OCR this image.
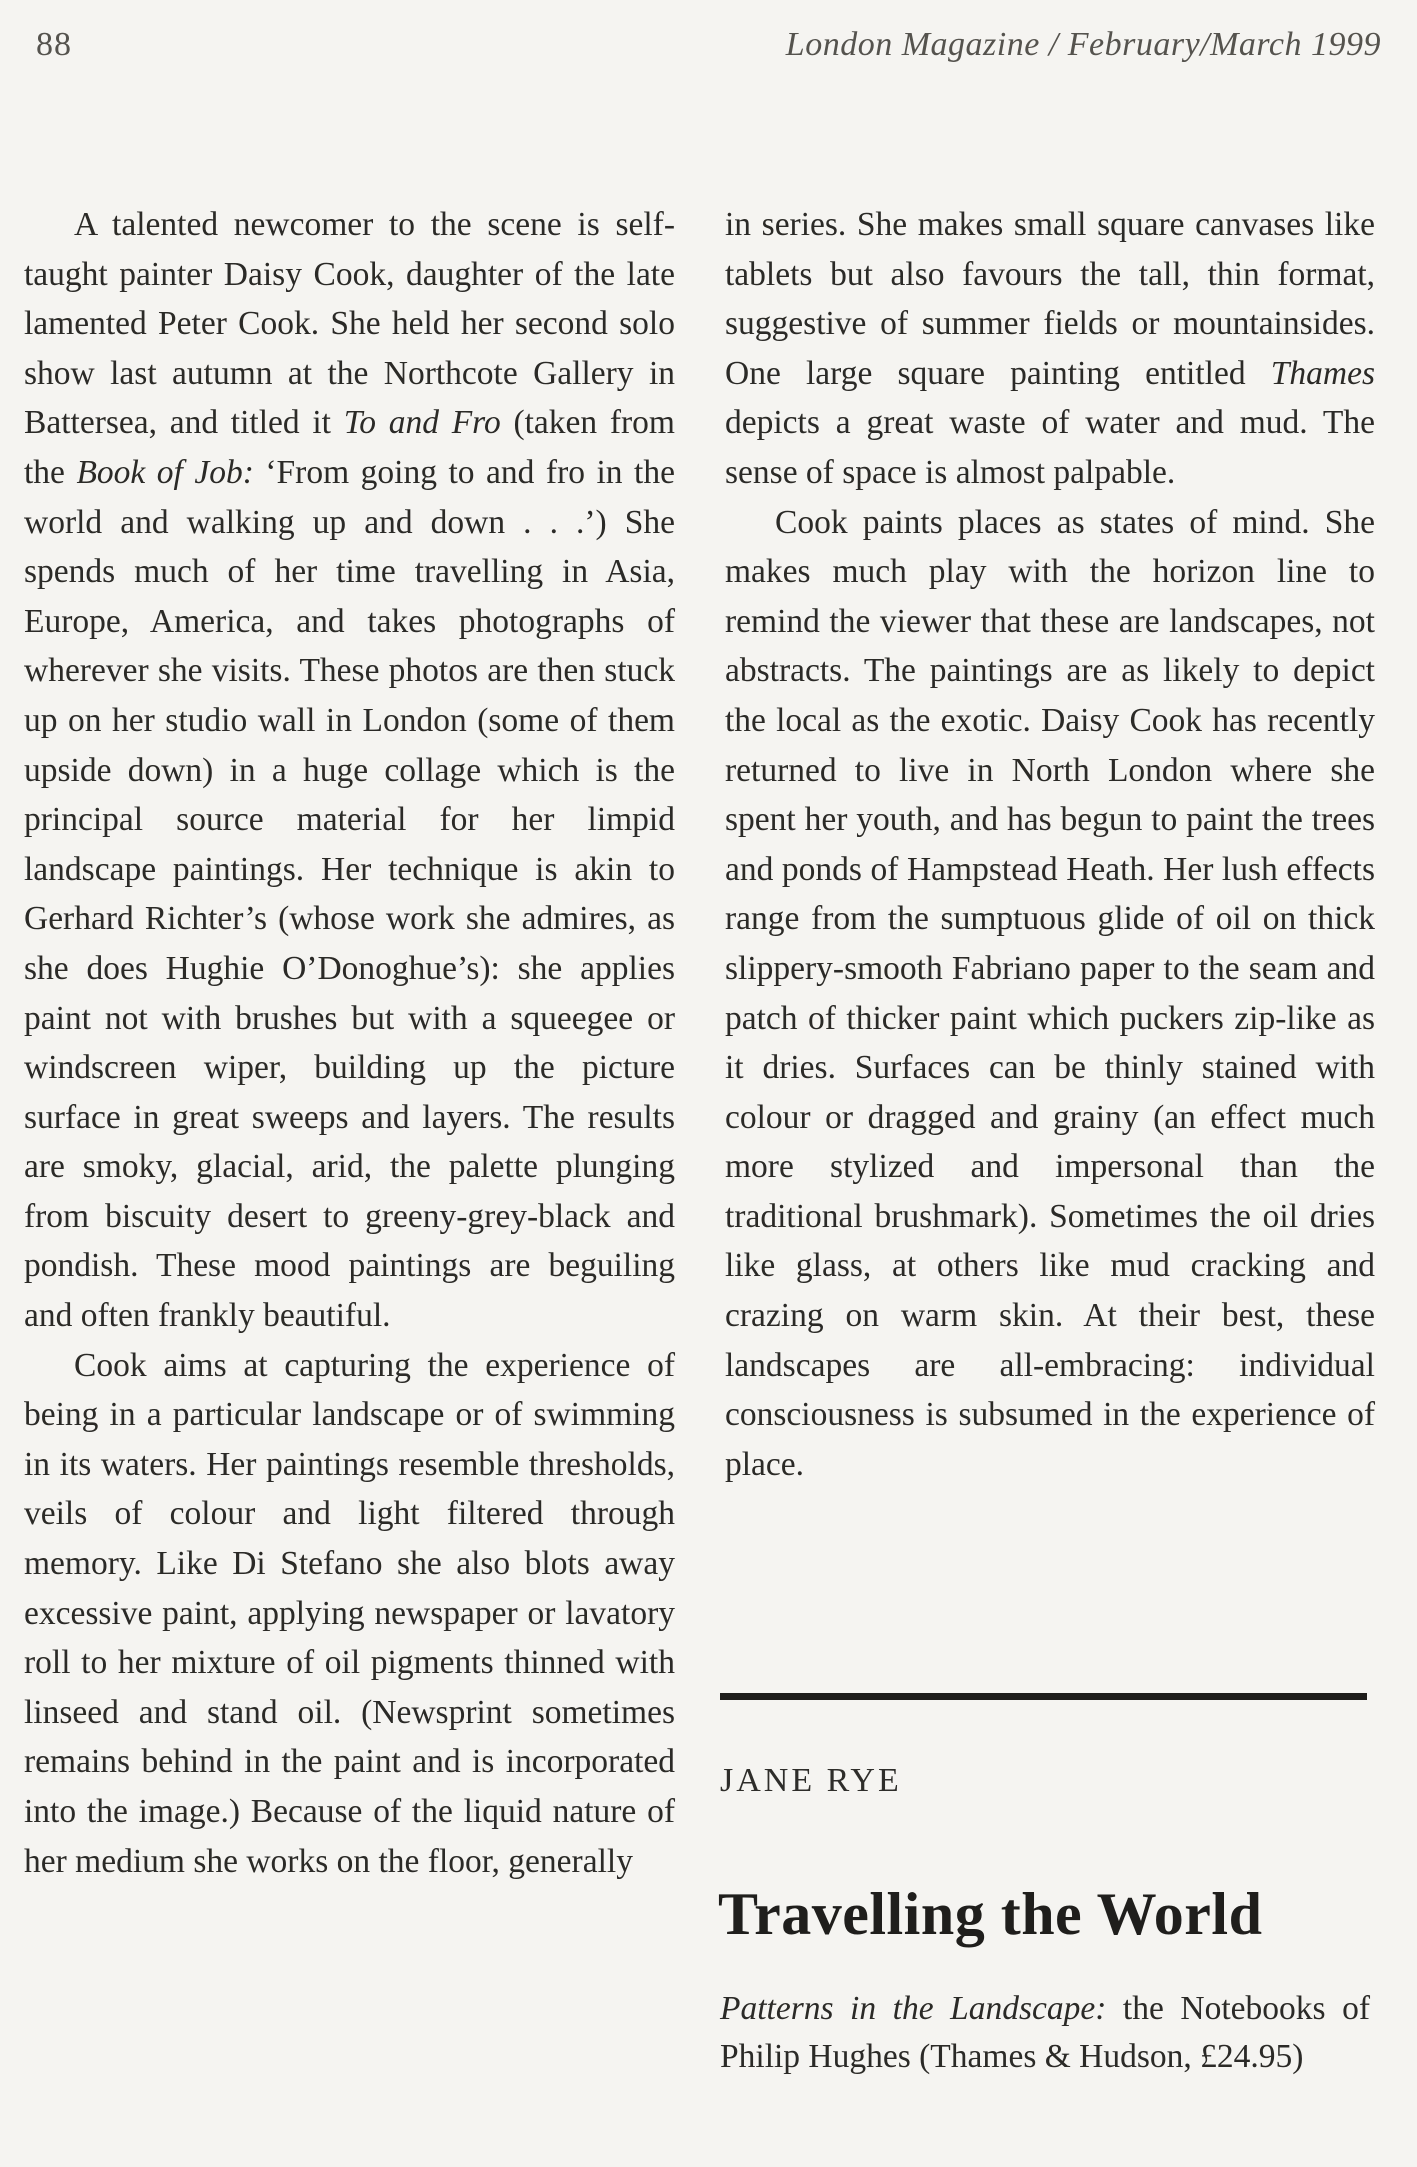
88	London Magazine / February/March 1999

A talented newcomer to the scene is self-taught painter Daisy Cook, daughter of the late lamented Peter Cook. She held her second solo show last autumn at the Northcote Gallery in Battersea, and titled it To and Fro (taken from the Book of Job: ‘From going to and fro in the world and walking up and down . . .’) She spends much of her time travelling in Asia, Europe, America, and takes photographs of wherever she visits. These photos are then stuck up on her studio wall in London (some of them upside down) in a huge collage which is the principal source material for her limpid landscape paintings. Her technique is akin to Gerhard Richter’s (whose work she admires, as she does Hughie O’Donoghue’s): she applies paint not with brushes but with a squeegee or windscreen wiper, building up the picture surface in great sweeps and layers. The results are smoky, glacial, arid, the palette plunging from biscuity desert to greeny-grey-black and pondish. These mood paintings are beguiling and often frankly beautiful.

Cook aims at capturing the experience of being in a particular landscape or of swimming in its waters. Her paintings resemble thresholds, veils of colour and light filtered through memory. Like Di Stefano she also blots away excessive paint, applying newspaper or lavatory roll to her mixture of oil pigments thinned with linseed and stand oil. (Newsprint sometimes remains behind in the paint and is incorporated into the image.) Because of the liquid nature of her medium she works on the floor, generally

in series. She makes small square canvases like tablets but also favours the tall, thin format, suggestive of summer fields or mountainsides. One large square painting entitled Thames depicts a great waste of water and mud. The sense of space is almost palpable.

Cook paints places as states of mind. She makes much play with the horizon line to remind the viewer that these are landscapes, not abstracts. The paintings are as likely to depict the local as the exotic. Daisy Cook has recently returned to live in North London where she spent her youth, and has begun to paint the trees and ponds of Hampstead Heath. Her lush effects range from the sumptuous glide of oil on thick slippery-smooth Fabriano paper to the seam and patch of thicker paint which puckers zip-like as it dries. Surfaces can be thinly stained with colour or dragged and grainy (an effect much more stylized and impersonal than the traditional brushmark). Sometimes the oil dries like glass, at others like mud cracking and crazing on warm skin. At their best, these landscapes are all-embracing: individual consciousness is subsumed in the experience of place.

JANE RYE
Travelling the World
Patterns in the Landscape: the Notebooks of Philip Hughes (Thames & Hudson, £24.95)
